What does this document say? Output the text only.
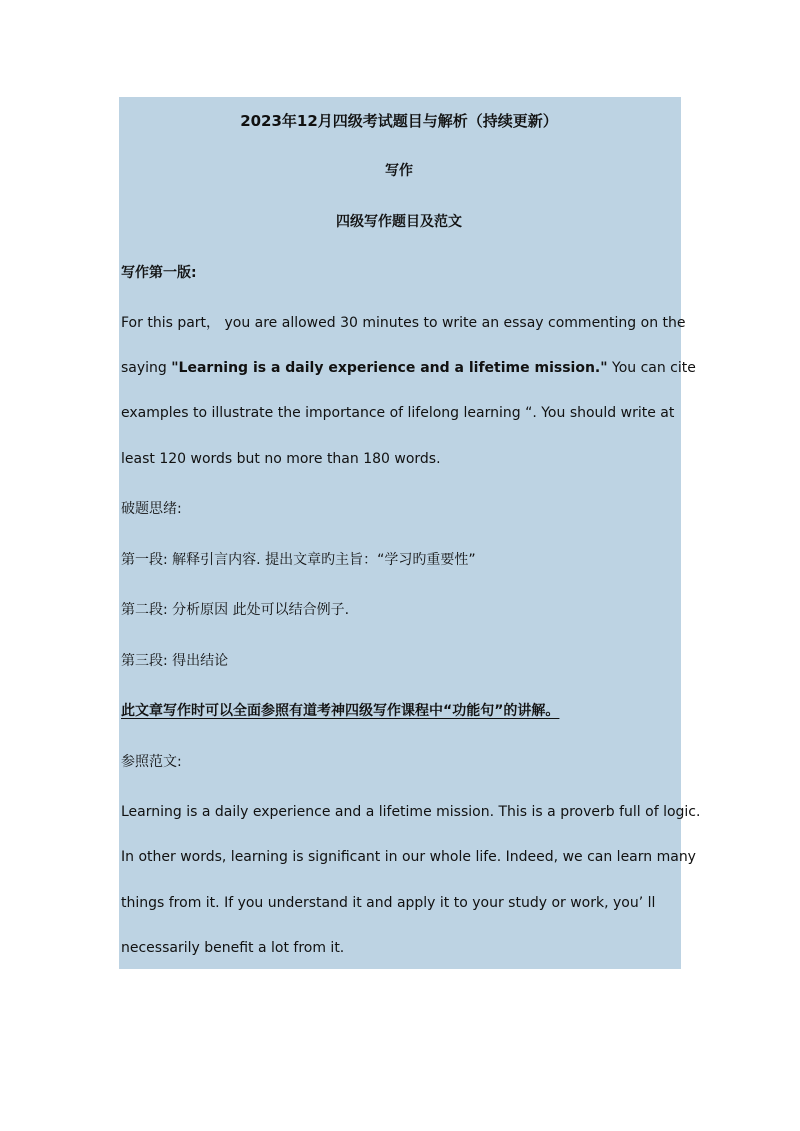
2023年12月四级考试题目与解析（持续更新）
写作
四级写作题目及范文
写作第一版:
For this part， you are allowed 30 minutes to write an essay commenting on the
saying "Learning is a daily experience and a lifetime mission." You can cite
examples to illustrate the importance of lifelong learning “. You should write at
least 120 words but no more than 180 words.
破题思绪:
第一段: 解释引言内容. 提出文章旳主旨：“学习旳重要性”
第二段: 分析原因 此处可以结合例子.
第三段: 得出结论
此文章写作时可以全面参照有道考神四级写作课程中“功能句”的讲解。
参照范文:
Learning is a daily experience and a lifetime mission. This is a proverb full of logic.
In other words, learning is significant in our whole life. Indeed, we can learn many
things from it. If you understand it and apply it to your study or work, you’ ll
necessarily benefit a lot from it.
